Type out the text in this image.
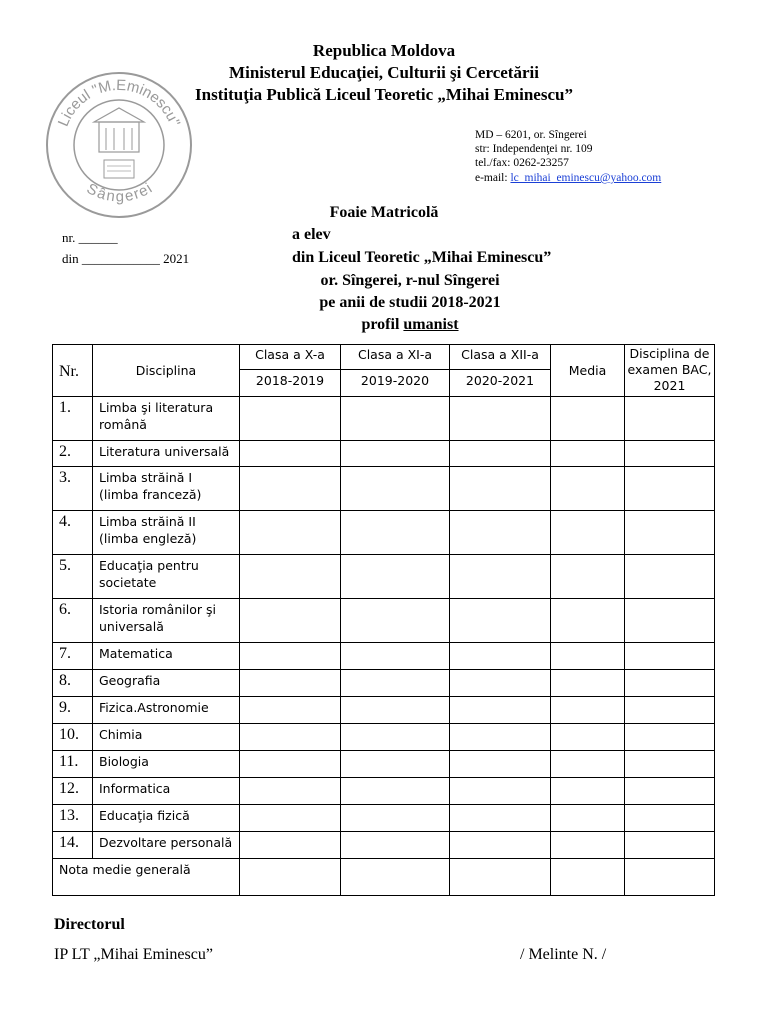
Republica Moldova
Ministerul Educaţiei, Culturii şi Cercetării
Instituţia Publică Liceul Teoretic „Mihai Eminescu”
Liceul "M.Eminescu"
Sângerei
MD – 6201, or. Sîngerei
str: Independenţei nr. 109
tel./fax: 0262-23257
e-mail: lc_mihai_eminescu@yahoo.com
Foaie Matricolă
nr. ______
din ____________ 2021
a elev
din Liceul Teoretic „Mihai Eminescu”
or. Sîngerei, r-nul Sîngerei
pe anii de studii 2018-2021
profil umanist
Nr.	Disciplina	Clasa a X-a	Clasa a XI-a	Clasa a XII-a	Media	Disciplina de examen BAC, 2021
		2018-2019	2019-2020	2020-2021		
1.	Limba şi literatura română					
2.	Literatura universală					
3.	Limba străină I (limba franceză)					
4.	Limba străină II (limba engleză)					
5.	Educaţia pentru societate					
6.	Istoria românilor şi universală					
7.	Matematica					
8.	Geografia					
9.	Fizica.Astronomie					
10.	Chimia					
11.	Biologia					
12.	Informatica					
13.	Educaţia fizică					
14.	Dezvoltare personală					
Nota medie generală						
Directorul
IP LT „Mihai Eminescu”	/ Melinte N. /
